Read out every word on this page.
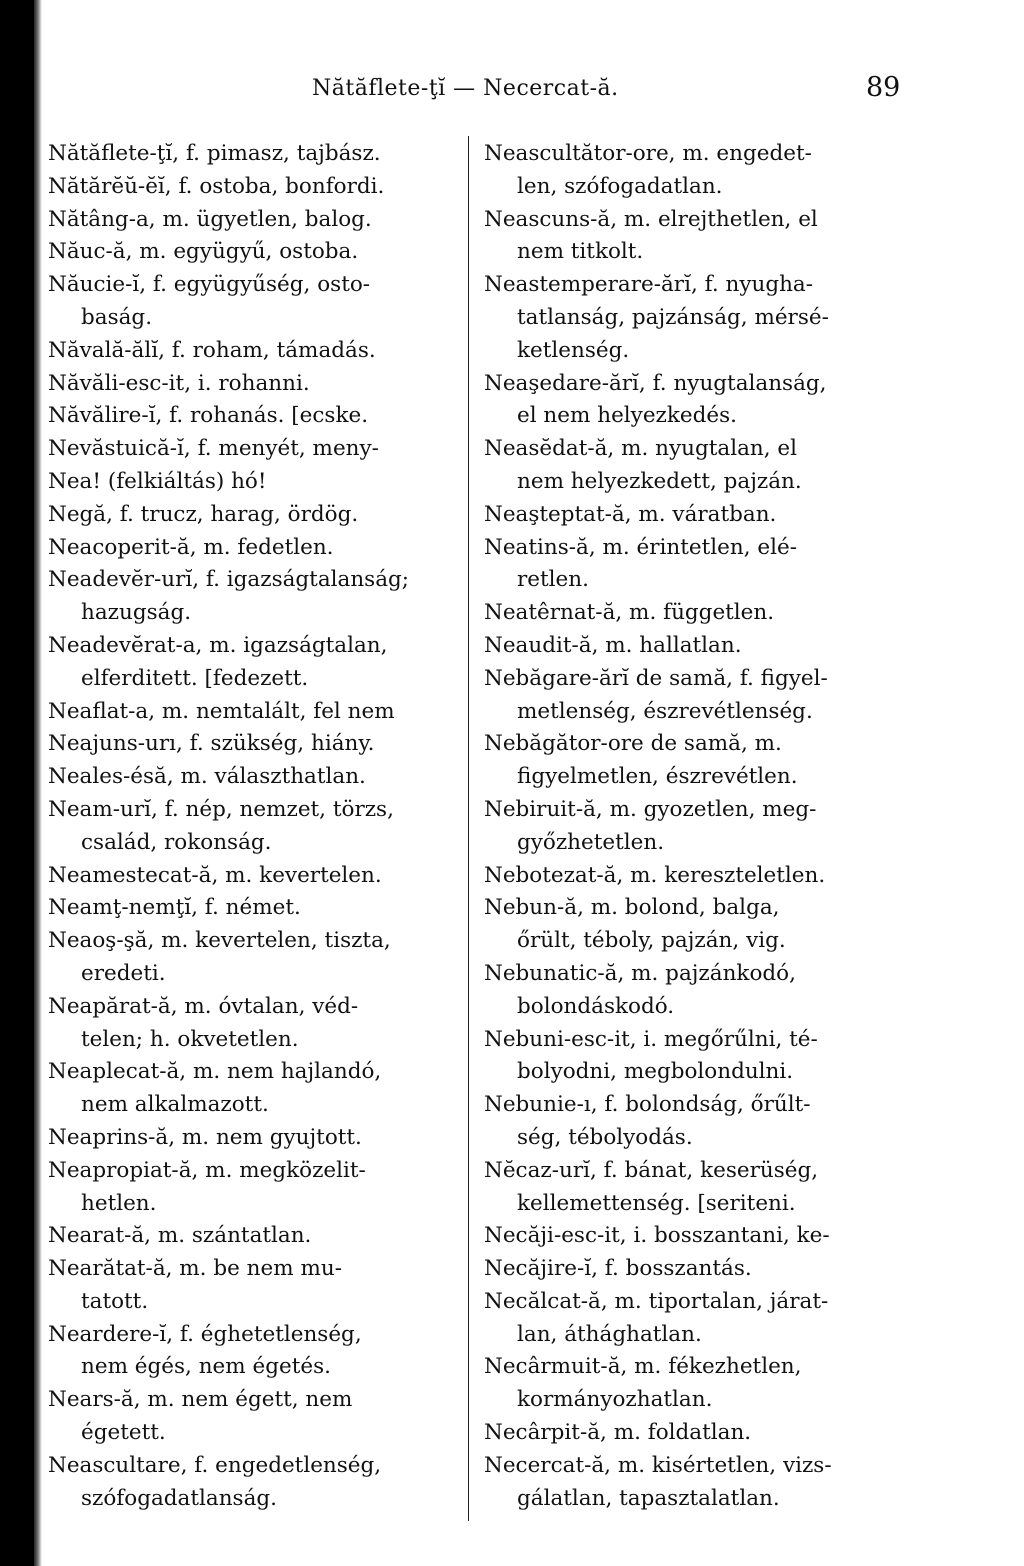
Nătăflete-ţĭ — Necercat-ă.	89
Nătăflete-ţĭ, f. pimasz, tajbász.
Nătărĕŭ-ĕĭ, f. ostoba, bonfordi.
Nătâng-a, m. ügyetlen, balog.
Năuc-ă, m. együgyű, ostoba.
Năucie-ĭ, f. együgyűség, osto-
baság.
Năvală-ălĭ, f. roham, támadás.
Năvăli-esc-it, i. rohanni.
Năvălire-ĭ, f. rohanás. [ecske.
Nevăstuică-ĭ, f. menyét, meny-
Nea! (felkiáltás) hó!
Negă, f. trucz, harag, ördög.
Neacoperit-ă, m. fedetlen.
Neadevĕr-urĭ, f. igazságtalanság;
hazugság.
Neadevĕrat-a, m. igazságtalan,
elferditett. [fedezett.
Neaflat-a, m. nemtalált, fel nem
Neajuns-urı, f. szükség, hiány.
Neales-ésă, m. választhatlan.
Neam-urĭ, f. nép, nemzet, törzs,
család, rokonság.
Neamestecat-ă, m. kevertelen.
Neamţ-nemţĭ, f. német.
Neaoş-şă, m. kevertelen, tiszta,
eredeti.
Neapărat-ă, m. óvtalan, véd-
telen; h. okvetetlen.
Neaplecat-ă, m. nem hajlandó,
nem alkalmazott.
Neaprins-ă, m. nem gyujtott.
Neapropiat-ă, m. megközelit-
hetlen.
Nearat-ă, m. szántatlan.
Nearătat-ă, m. be nem mu-
tatott.
Neardere-ĭ, f. éghetetlenség,
nem égés, nem égetés.
Nears-ă, m. nem égett, nem
égetett.
Neascultare, f. engedetlenség,
szófogadatlanság.
Neascultător-ore, m. engedet-
len, szófogadatlan.
Neascuns-ă, m. elrejthetlen, el
nem titkolt.
Neastemperare-ărĭ, f. nyugha-
tatlanság, pajzánság, mérsé-
ketlenség.
Neaşedare-ărĭ, f. nyugtalanság,
el nem helyezkedés.
Neasĕdat-ă, m. nyugtalan, el
nem helyezkedett, pajzán.
Neaşteptat-ă, m. váratban.
Neatins-ă, m. érintetlen, elé-
retlen.
Neatêrnat-ă, m. független.
Neaudit-ă, m. hallatlan.
Nebăgare-ărĭ de samă, f. figyel-
metlenség, észrevétlenség.
Nebăgător-ore de samă, m.
figyelmetlen, észrevétlen.
Nebiruit-ă, m. gyozetlen, meg-
győzhetetlen.
Nebotezat-ă, m. kereszteletlen.
Nebun-ă, m. bolond, balga,
őrült, téboly, pajzán, vig.
Nebunatic-ă, m. pajzánkodó,
bolondáskodó.
Nebuni-esc-it, i. megőrűlni, té-
bolyodni, megbolondulni.
Nebunie-ı, f. bolondság, őrűlt-
ség, tébolyodás.
Nĕcaz-urĭ, f. bánat, keserüség,
kellemettenség. [seriteni.
Necăji-esc-it, i. bosszantani, ke-
Necăjire-ĭ, f. bosszantás.
Necălcat-ă, m. tiportalan, járat-
lan, áthághatlan.
Necârmuit-ă, m. fékezhetlen,
kormányozhatlan.
Necârpit-ă, m. foldatlan.
Necercat-ă, m. kisértetlen, vizs-
gálatlan, tapasztalatlan.
